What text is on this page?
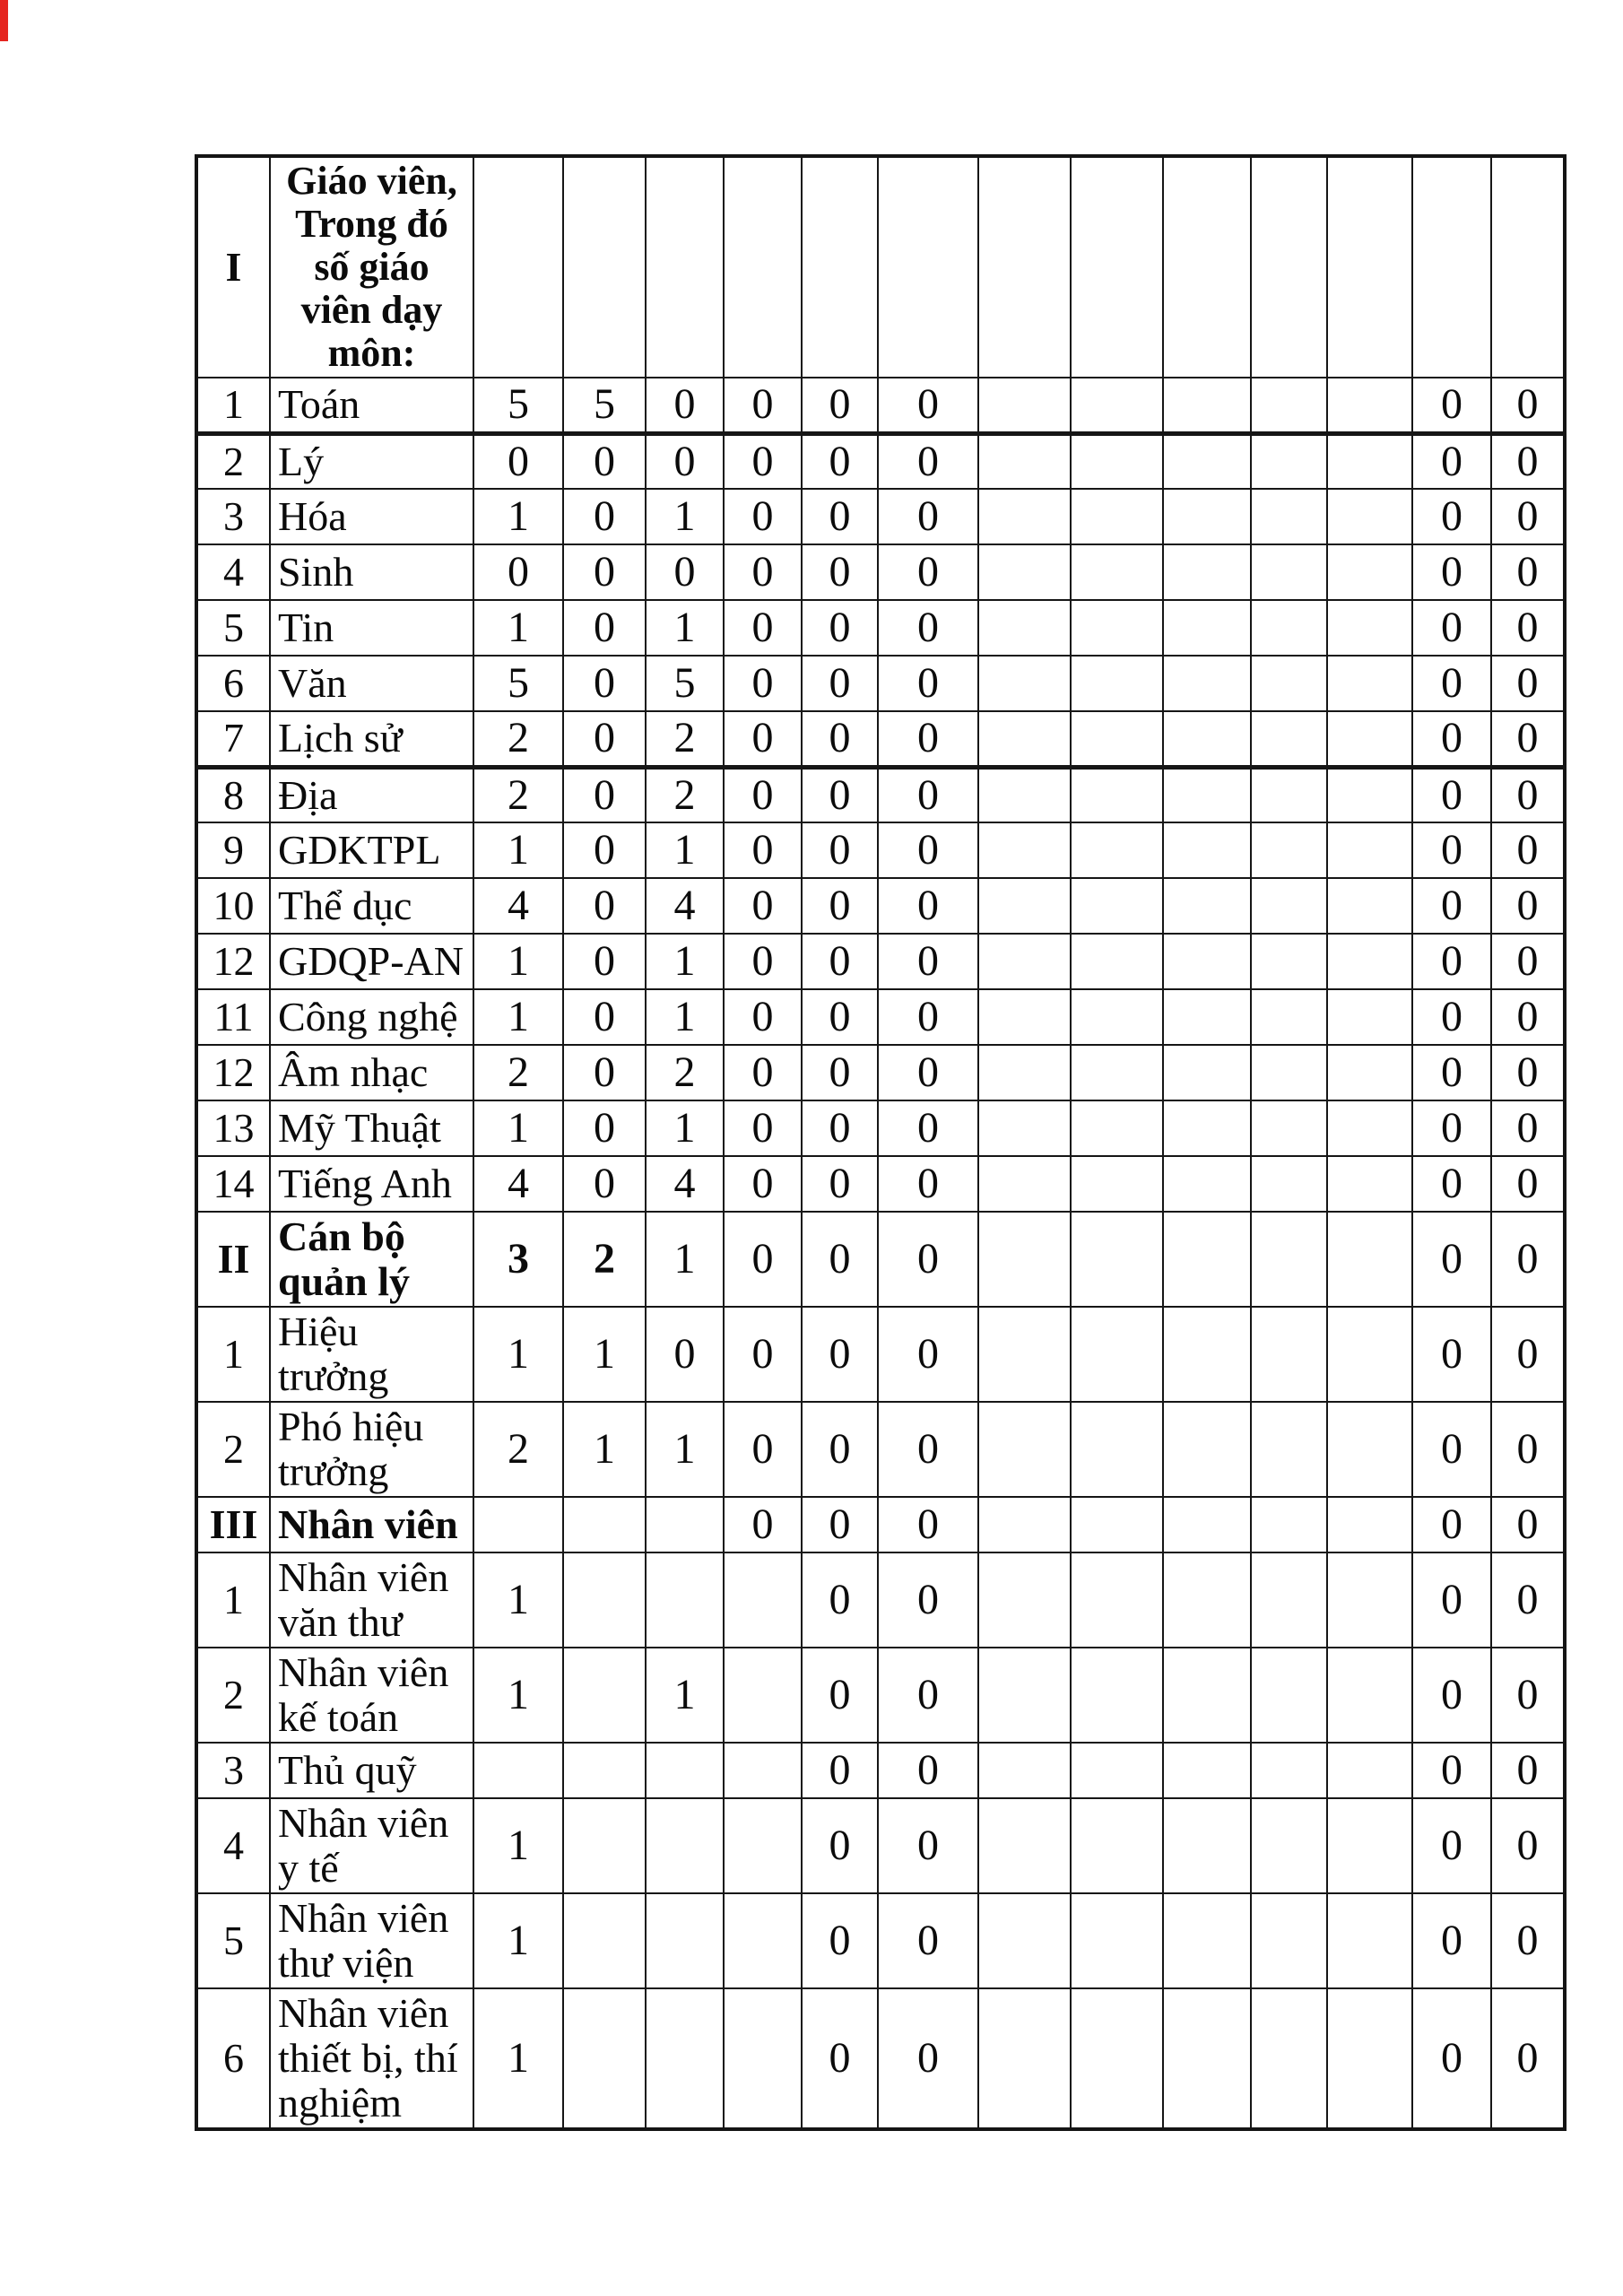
I	Giáo viên, Trong đó số giáo viên dạy môn:													
1	Toán	5	5	0	0	0	0						0	0
2	Lý	0	0	0	0	0	0						0	0
3	Hóa	1	0	1	0	0	0						0	0
4	Sinh	0	0	0	0	0	0						0	0
5	Tin	1	0	1	0	0	0						0	0
6	Văn	5	0	5	0	0	0						0	0
7	Lịch sử	2	0	2	0	0	0						0	0
8	Địa	2	0	2	0	0	0						0	0
9	GDKTPL	1	0	1	0	0	0						0	0
10	Thể dục	4	0	4	0	0	0						0	0
12	GDQP-AN	1	0	1	0	0	0						0	0
11	Công nghệ	1	0	1	0	0	0						0	0
12	Âm nhạc	2	0	2	0	0	0						0	0
13	Mỹ Thuật	1	0	1	0	0	0						0	0
14	Tiếng Anh	4	0	4	0	0	0						0	0
II	Cán bộ quản lý	3	2	1	0	0	0						0	0
1	Hiệu trưởng	1	1	0	0	0	0						0	0
2	Phó hiệu trưởng	2	1	1	0	0	0						0	0
III	Nhân viên				0	0	0						0	0
1	Nhân viên văn thư	1				0	0						0	0
2	Nhân viên kế toán	1		1		0	0						0	0
3	Thủ quỹ					0	0						0	0
4	Nhân viên y tế	1				0	0						0	0
5	Nhân viên thư viện	1				0	0						0	0
6	Nhân viên thiết bị, thí nghiệm	1				0	0						0	0
